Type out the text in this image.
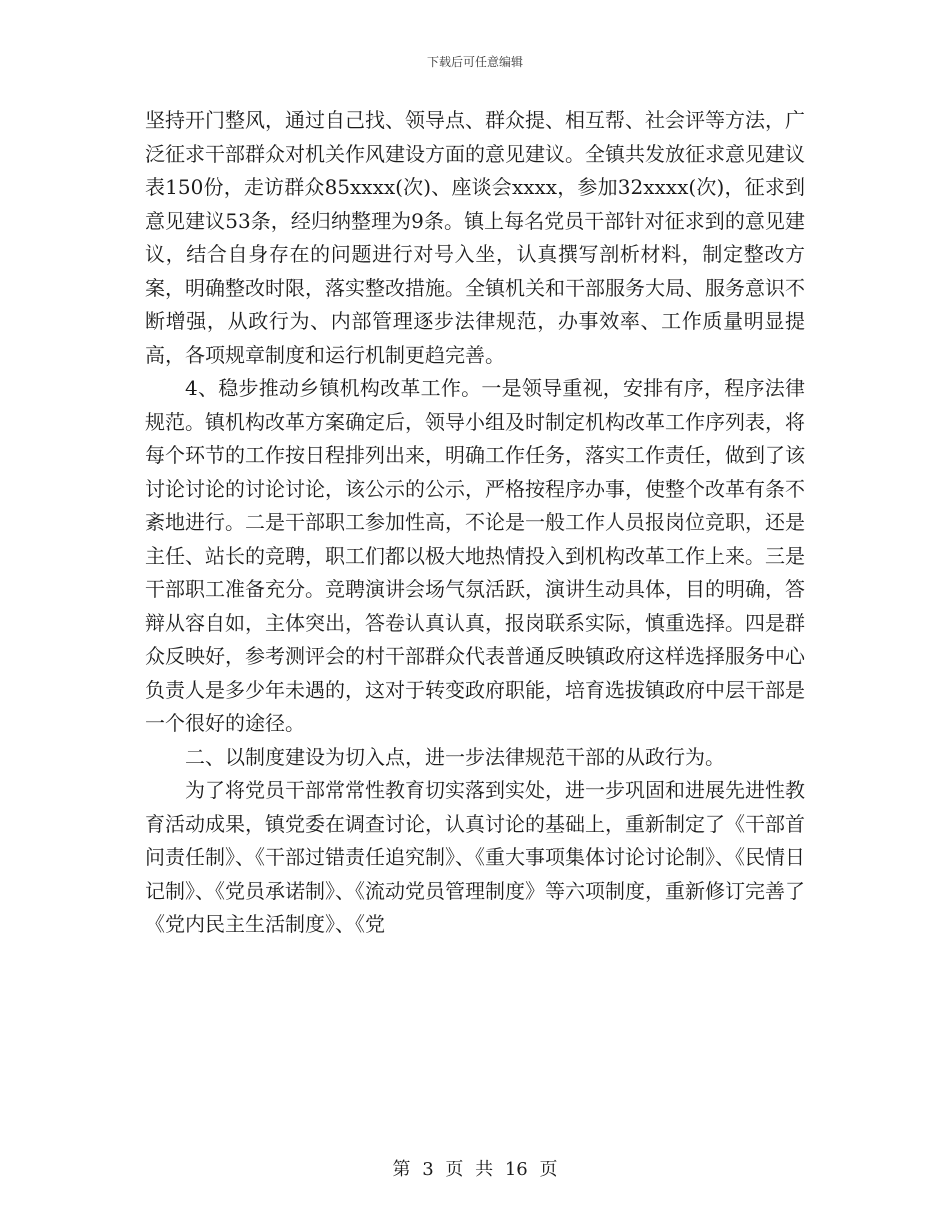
下载后可任意编辑

坚持开门整风，通过自己找、领导点、群众提、相互帮、社会评等方法，广泛征求干部群众对机关作风建设方面的意见建议。全镇共发放征求意见建议表150份，走访群众85xxxx(次)、座谈会xxxx，参加32xxxx(次)，征求到意见建议53条，经归纳整理为9条。镇上每名党员干部针对征求到的意见建议，结合自身存在的问题进行对号入坐，认真撰写剖析材料，制定整改方案，明确整改时限，落实整改措施。全镇机关和干部服务大局、服务意识不断增强，从政行为、内部管理逐步法律规范，办事效率、工作质量明显提高，各项规章制度和运行机制更趋完善。

4、稳步推动乡镇机构改革工作。一是领导重视，安排有序，程序法律规范。镇机构改革方案确定后，领导小组及时制定机构改革工作序列表，将每个环节的工作按日程排列出来，明确工作任务，落实工作责任，做到了该讨论讨论的讨论讨论，该公示的公示，严格按程序办事，使整个改革有条不紊地进行。二是干部职工参加性高，不论是一般工作人员报岗位竞职，还是主任、站长的竞聘，职工们都以极大地热情投入到机构改革工作上来。三是干部职工准备充分。竞聘演讲会场气氛活跃，演讲生动具体，目的明确，答辩从容自如，主体突出，答卷认真认真，报岗联系实际，慎重选择。四是群众反映好，参考测评会的村干部群众代表普通反映镇政府这样选择服务中心负责人是多少年未遇的，这对于转变政府职能，培育选拔镇政府中层干部是一个很好的途径。

二、以制度建设为切入点，进一步法律规范干部的从政行为。

为了将党员干部常常性教育切实落到实处，进一步巩固和进展先进性教育活动成果，镇党委在调查讨论，认真讨论的基础上，重新制定了《干部首问责任制》、《干部过错责任追究制》、《重大事项集体讨论讨论制》、《民情日记制》、《党员承诺制》、《流动党员管理制度》等六项制度，重新修订完善了《党内民主生活制度》、《党

第 3 页 共 16 页
